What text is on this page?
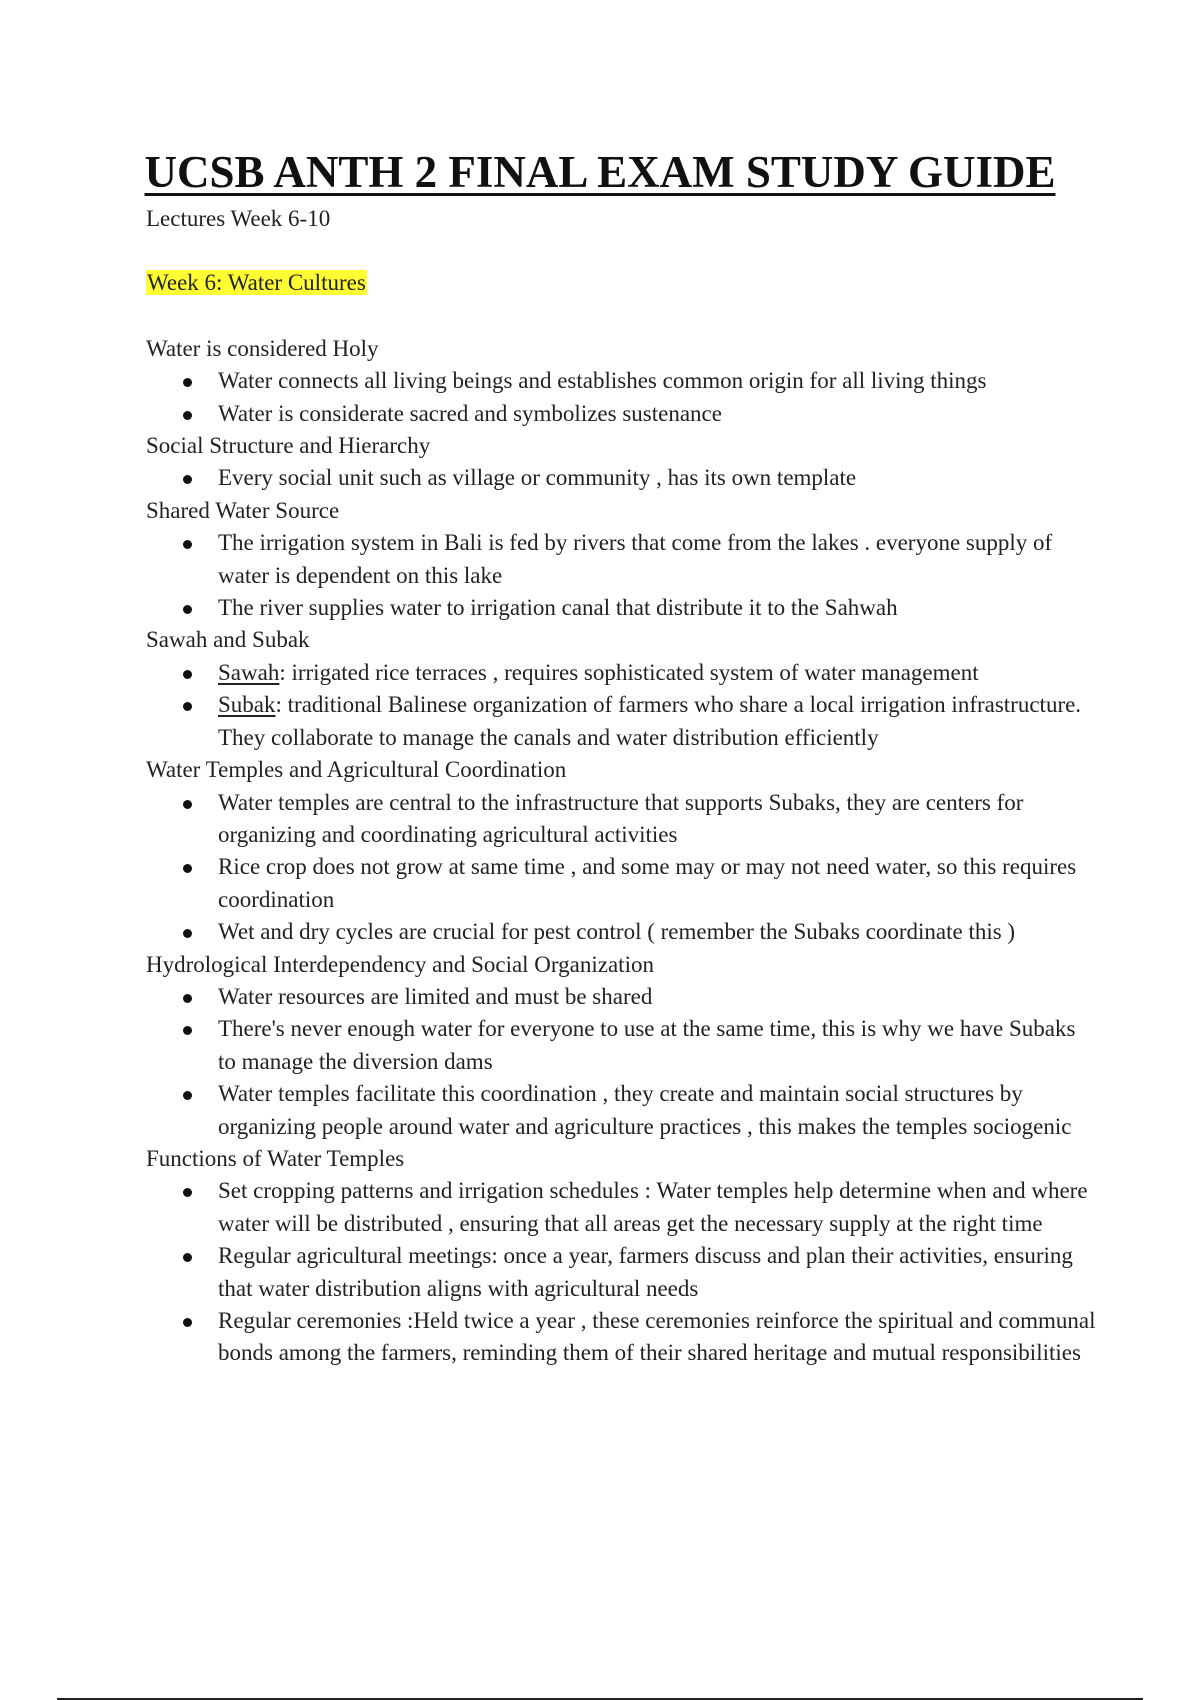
UCSB ANTH 2 FINAL EXAM STUDY GUIDE

Lectures Week 6-10

Week 6: Water Cultures

Water is considered Holy

Water connects all living beings and establishes common origin for all living things
Water is considerate sacred and symbolizes sustenance

Social Structure and Hierarchy

Every social unit such as village or community , has its own template

Shared Water Source

The irrigation system in Bali is fed by rivers that come from the lakes . everyone supply of water is dependent on this lake
The river supplies water to irrigation canal that distribute it to the Sahwah

Sawah and Subak

Sawah: irrigated rice terraces , requires sophisticated system of water management
Subak: traditional Balinese organization of farmers who share a local irrigation infrastructure. They collaborate to manage the canals and water distribution efficiently

Water Temples and Agricultural Coordination

Water temples are central to the infrastructure that supports Subaks, they are centers for organizing and coordinating agricultural activities
Rice crop does not grow at same time , and some may or may not need water, so this requires coordination
Wet and dry cycles are crucial for pest control ( remember the Subaks coordinate this )

Hydrological Interdependency and Social Organization

Water resources are limited and must be shared
There's never enough water for everyone to use at the same time, this is why we have Subaks to manage the diversion dams
Water temples facilitate this coordination , they create and maintain social structures by organizing people around water and agriculture practices , this makes the temples sociogenic

Functions of Water Temples

Set cropping patterns and irrigation schedules : Water temples help determine when and where water will be distributed , ensuring that all areas get the necessary supply at the right time
Regular agricultural meetings: once a year, farmers discuss and plan their activities, ensuring that water distribution aligns with agricultural needs
Regular ceremonies :Held twice a year , these ceremonies reinforce the spiritual and communal bonds among the farmers, reminding them of their shared heritage and mutual responsibilities
